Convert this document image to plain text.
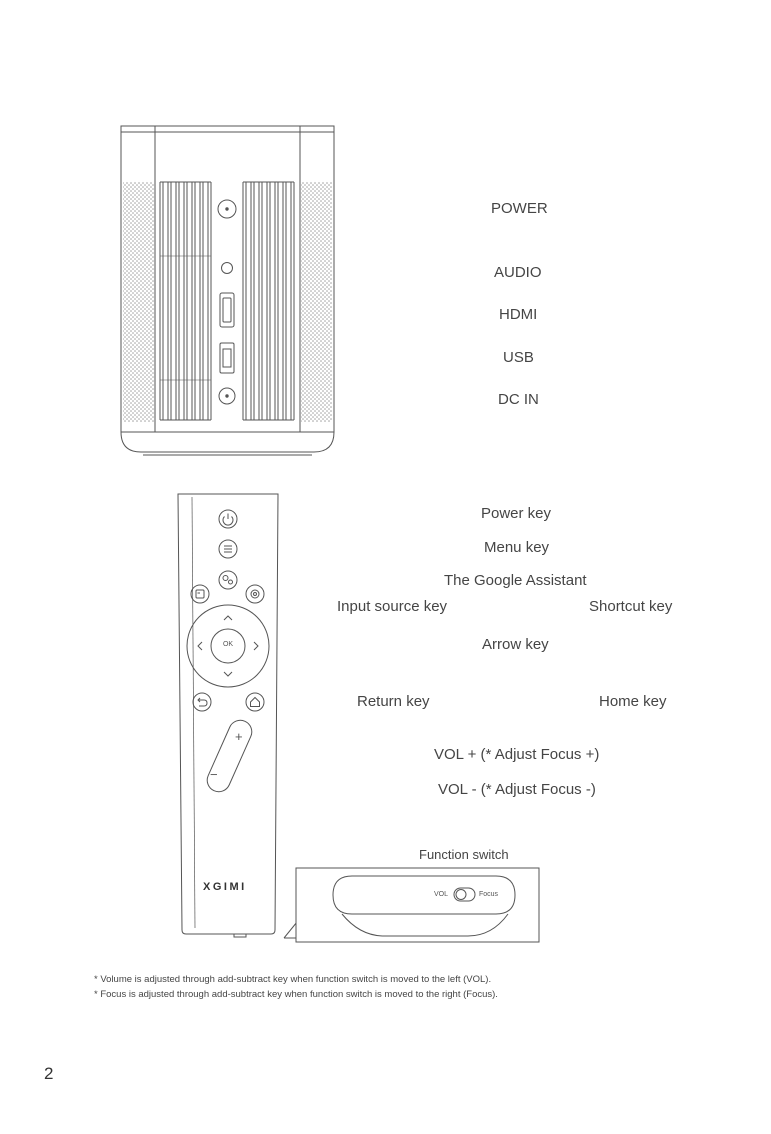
POWER
AUDIO
HDMI
USB
DC IN
Power key
Menu key
The Google Assistant
Input source key	Shortcut key
Arrow key
Return key	Home key
VOL + (* Adjust Focus +)
VOL - (* Adjust Focus -)
OK
+
−
XGIMI
Function switch
VOL	Focus
* Volume is adjusted through add-subtract key when function switch is moved to the left (VOL).
* Focus is adjusted through add-subtract key when function switch is moved to the right (Focus).
2
